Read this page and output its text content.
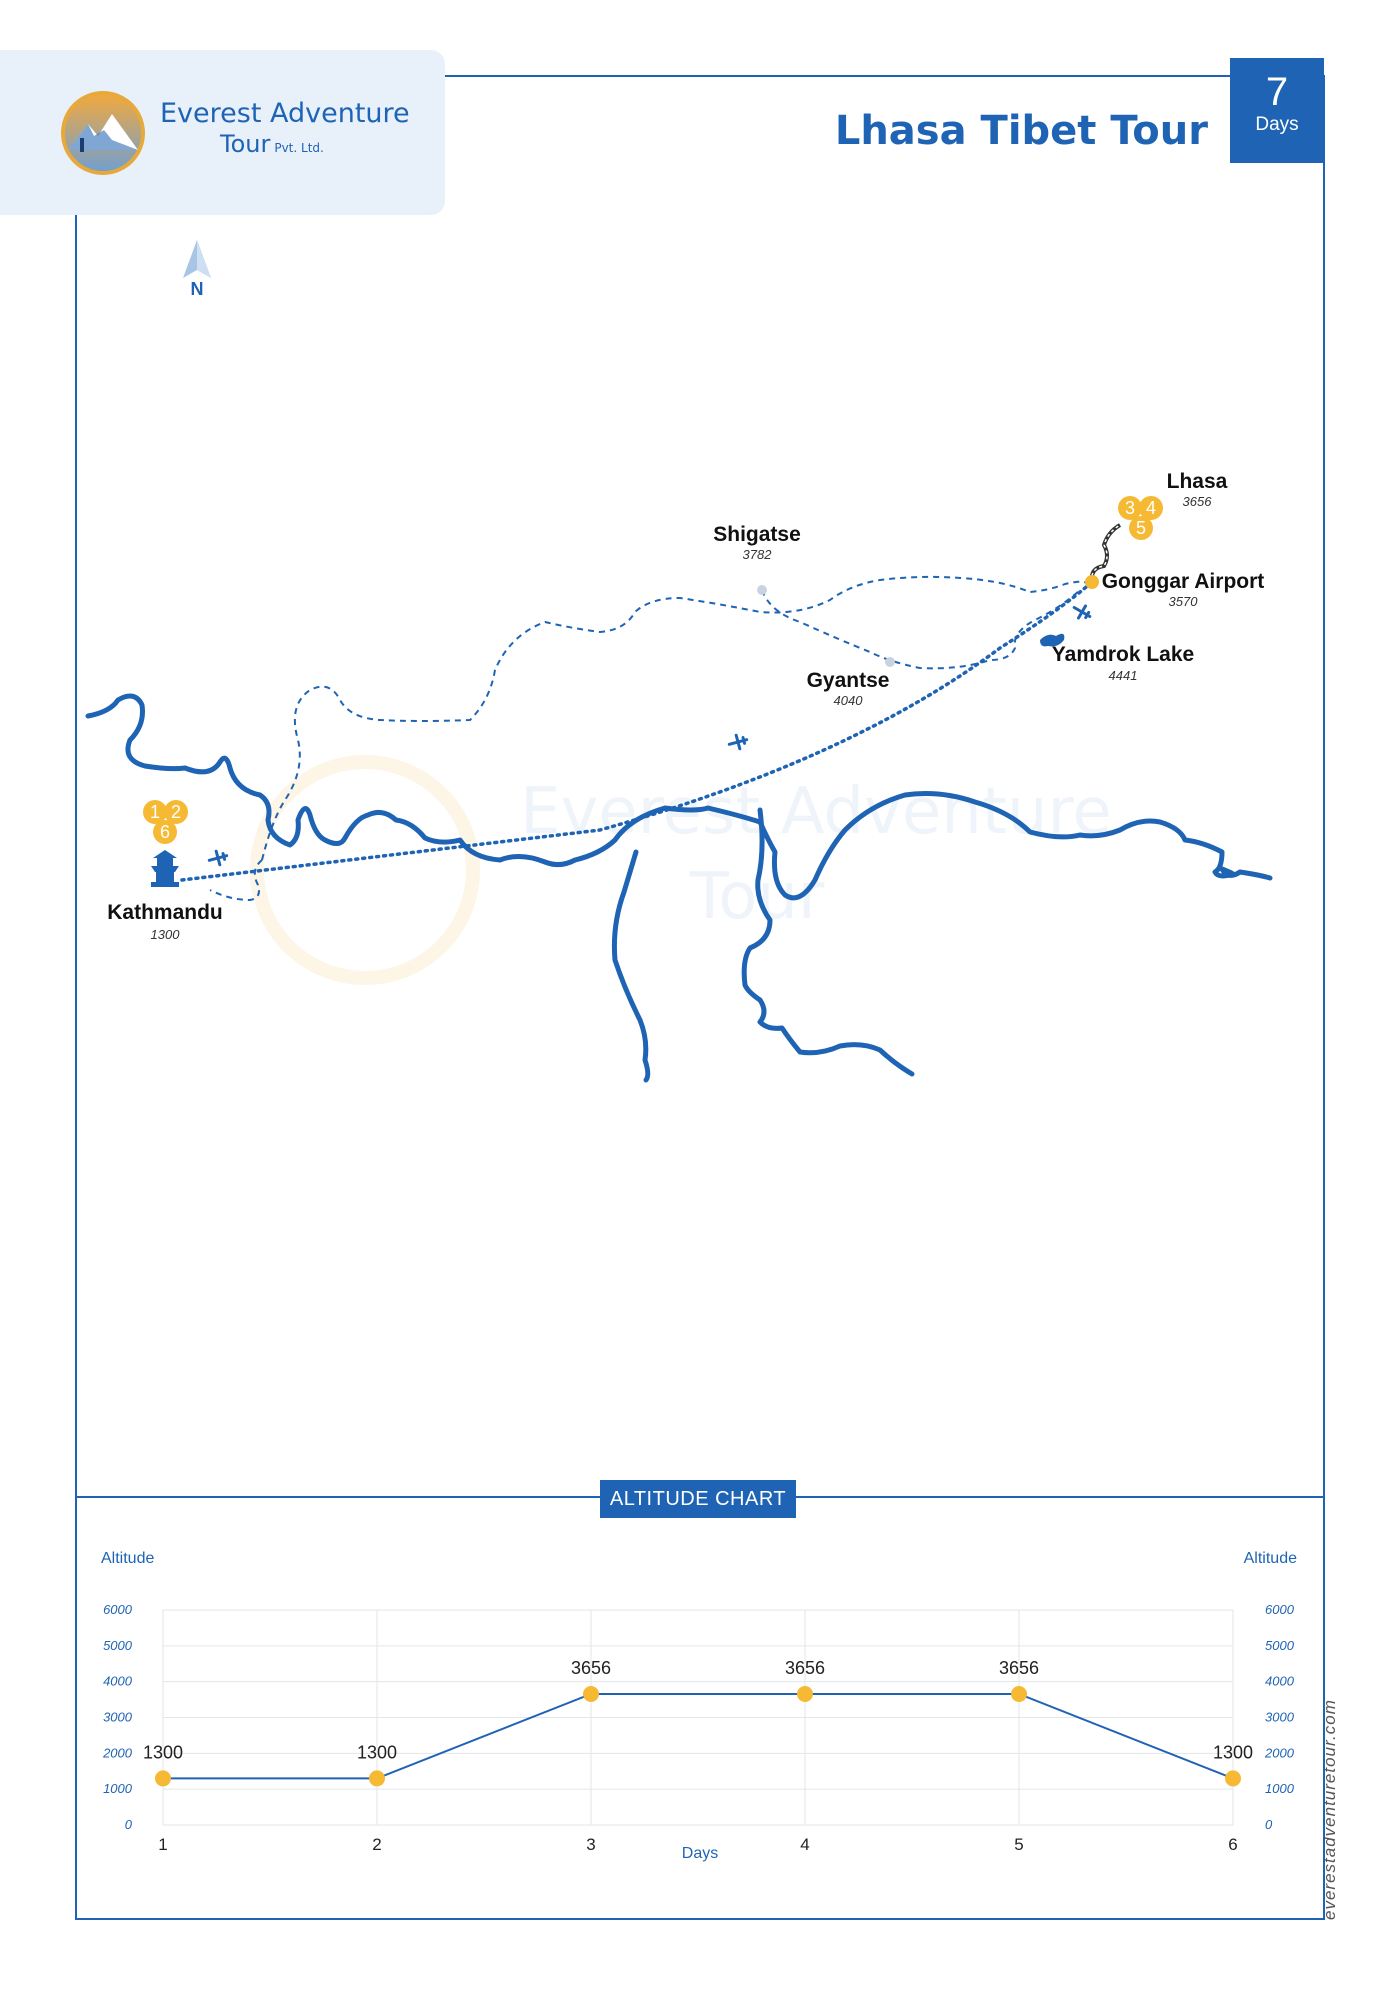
Everest Adventure
Tour Pvt. Ltd.	Lhasa Tibet Tour
7
Days
N
1 2
6
3 4
5
Kathmandu
1300
Lhasa
3656
Shigatse
3782
Gonggar Airport
3570
Gyantse
4040
Yamdrok Lake
4441
Altitude	Altitude
Days
0	0
1000	1000
2000	2000
3000	3000
4000	4000
5000	5000
6000	6000
1	2	3	4	5	6
1300	1300
3656	3656	3656
1300
Everest Adventure
Tour
ALTITUDE CHART
everestadventuretour.com
